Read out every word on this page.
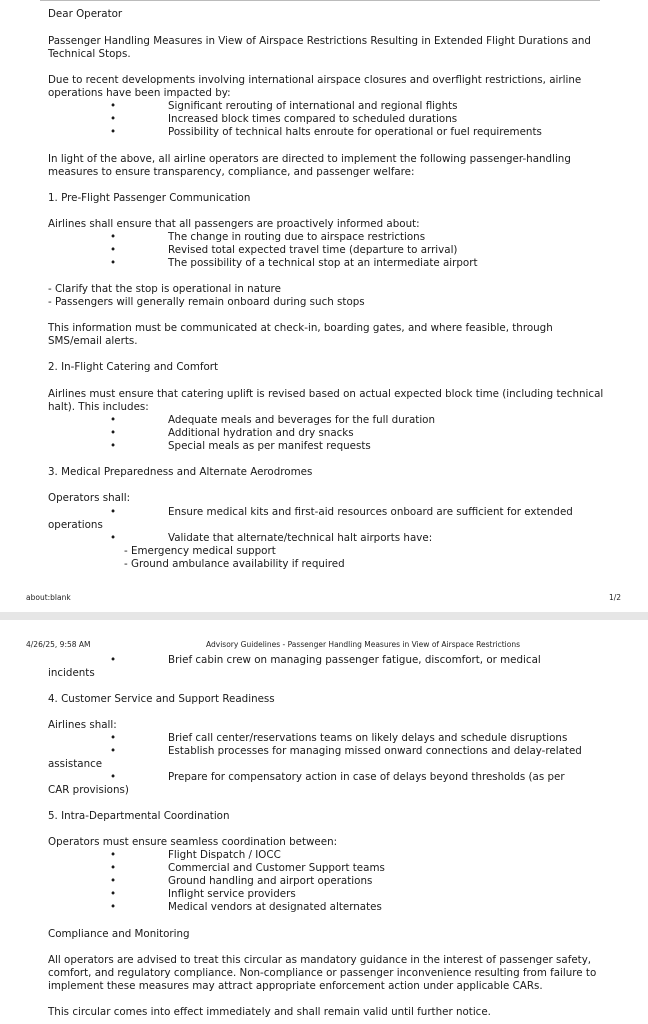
Dear Operator
Passenger Handling Measures in View of Airspace Restrictions Resulting in Extended Flight Durations and Technical Stops.
Due to recent developments involving international airspace closures and overflight restrictions, airline operations have been impacted by:
•	Significant rerouting of international and regional flights
•	Increased block times compared to scheduled durations
•	Possibility of technical halts enroute for operational or fuel requirements
In light of the above, all airline operators are directed to implement the following passenger-handling measures to ensure transparency, compliance, and passenger welfare:
1. Pre-Flight Passenger Communication
Airlines shall ensure that all passengers are proactively informed about:
•	The change in routing due to airspace restrictions
•	Revised total expected travel time (departure to arrival)
•	The possibility of a technical stop at an intermediate airport
- Clarify that the stop is operational in nature
- Passengers will generally remain onboard during such stops
This information must be communicated at check-in, boarding gates, and where feasible, through SMS/email alerts.
2. In-Flight Catering and Comfort
Airlines must ensure that catering uplift is revised based on actual expected block time (including technical halt). This includes:
•	Adequate meals and beverages for the full duration
•	Additional hydration and dry snacks
•	Special meals as per manifest requests
3. Medical Preparedness and Alternate Aerodromes
Operators shall:
•	Ensure medical kits and first-aid resources onboard are sufficient for extended
operations
•	Validate that alternate/technical halt airports have:
- Emergency medical support
- Ground ambulance availability if required
about:blank	1/2
4/26/25, 9:58 AM	Advisory Guidelines - Passenger Handling Measures in View of Airspace Restrictions
•	Brief cabin crew on managing passenger fatigue, discomfort, or medical
incidents
4. Customer Service and Support Readiness
Airlines shall:
•	Brief call center/reservations teams on likely delays and schedule disruptions
•	Establish processes for managing missed onward connections and delay-related
assistance
•	Prepare for compensatory action in case of delays beyond thresholds (as per
CAR provisions)
5. Intra-Departmental Coordination
Operators must ensure seamless coordination between:
•	Flight Dispatch / IOCC
•	Commercial and Customer Support teams
•	Ground handling and airport operations
•	Inflight service providers
•	Medical vendors at designated alternates
Compliance and Monitoring
All operators are advised to treat this circular as mandatory guidance in the interest of passenger safety, comfort, and regulatory compliance. Non-compliance or passenger inconvenience resulting from failure to implement these measures may attract appropriate enforcement action under applicable CARs.
This circular comes into effect immediately and shall remain valid until further notice.
